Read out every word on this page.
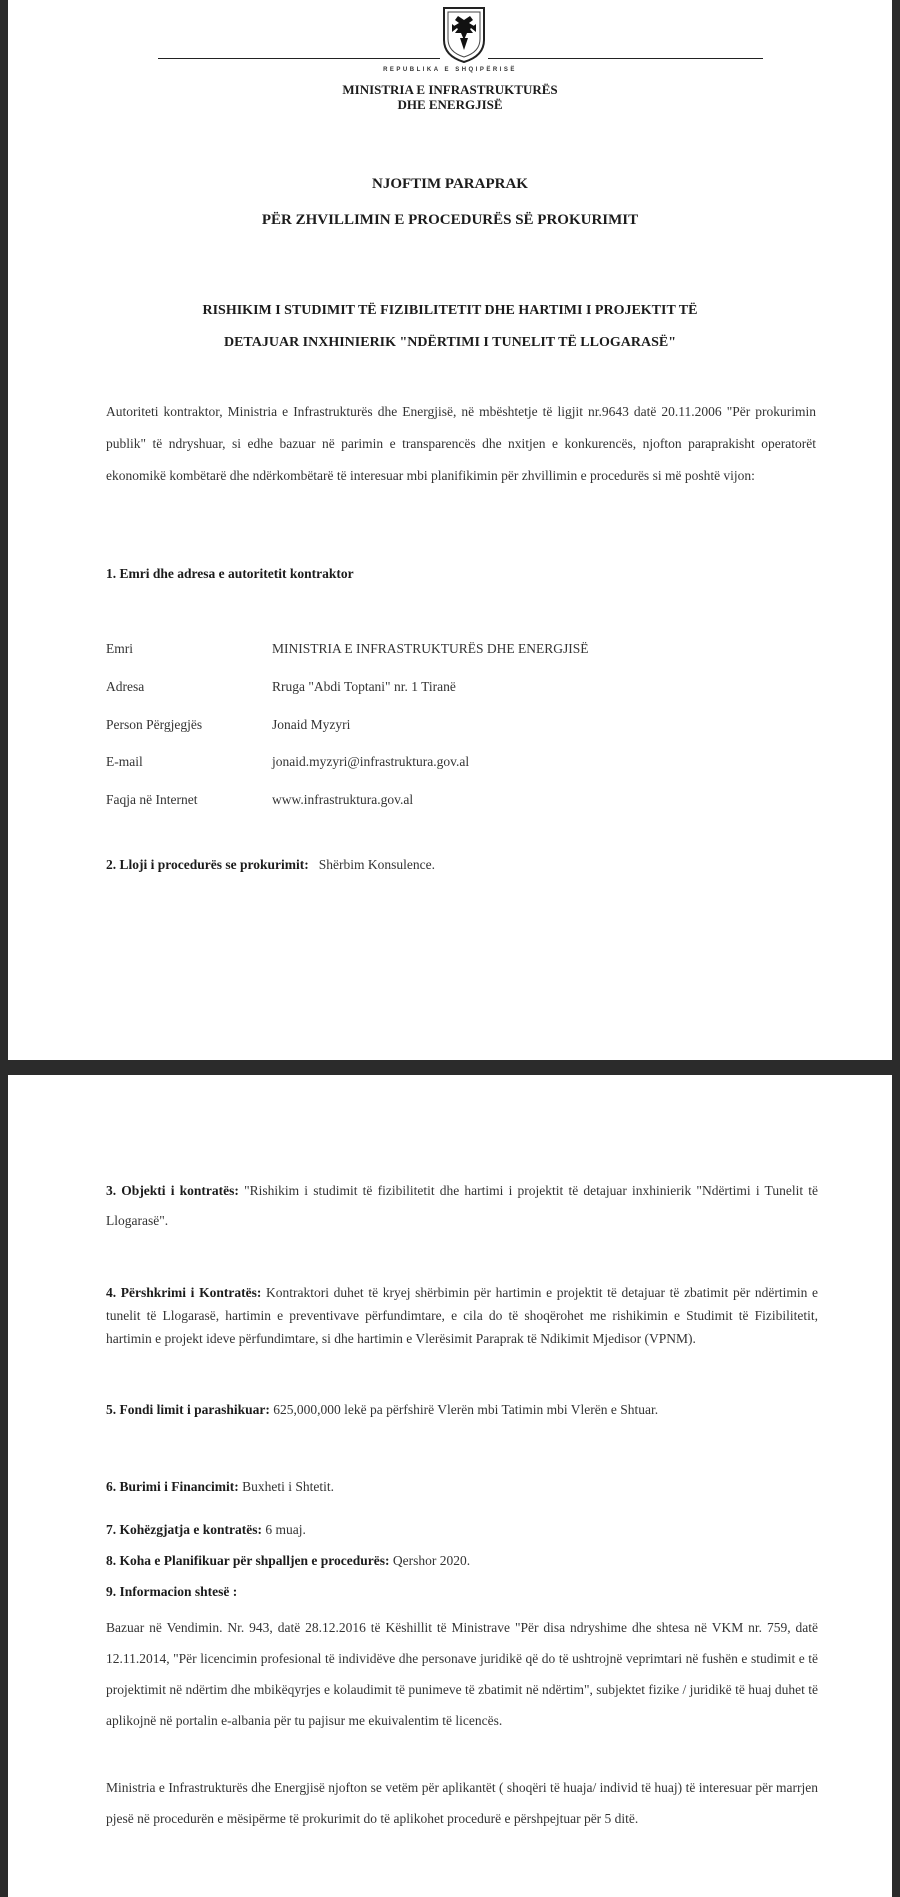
REPUBLIKA E SHQIPËRISË
MINISTRIA E INFRASTRUKTURËS
DHE ENERGJISË
NJOFTIM PARAPRAK
PËR ZHVILLIMIN E PROCEDURËS SË PROKURIMIT
RISHIKIM I STUDIMIT TË FIZIBILITETIT DHE HARTIMI I PROJEKTIT TË
DETAJUAR INXHINIERIK "NDËRTIMI I TUNELIT TË LLOGARASË"
Autoriteti kontraktor, Ministria e Infrastrukturës dhe Energjisë, në mbështetje të ligjit nr.9643 datë 20.11.2006 "Për prokurimin publik" të ndryshuar, si edhe bazuar në parimin e transparencës dhe nxitjen e konkurencës, njofton paraprakisht operatorët ekonomikë kombëtarë dhe ndërkombëtarë të interesuar mbi planifikimin për zhvillimin e procedurës si më poshtë vijon:
1. Emri dhe adresa e autoritetit kontraktor
Emri	MINISTRIA E INFRASTRUKTURËS DHE ENERGJISË
Adresa	Rruga "Abdi Toptani" nr. 1 Tiranë
Person Përgjegjës	Jonaid Myzyri
E-mail	jonaid.myzyri@infrastruktura.gov.al
Faqja në Internet	www.infrastruktura.gov.al
2. Lloji i procedurës se prokurimit: Shërbim Konsulence.
3. Objekti i kontratës: "Rishikim i studimit të fizibilitetit dhe hartimi i projektit të detajuar inxhinierik "Ndërtimi i Tunelit të Llogarasë".
4. Përshkrimi i Kontratës: Kontraktori duhet të kryej shërbimin për hartimin e projektit të detajuar të zbatimit për ndërtimin e tunelit të Llogarasë, hartimin e preventivave përfundimtare, e cila do të shoqërohet me rishikimin e Studimit të Fizibilitetit, hartimin e projekt ideve përfundimtare, si dhe hartimin e Vlerësimit Paraprak të Ndikimit Mjedisor (VPNM).
5. Fondi limit i parashikuar: 625,000,000 lekë pa përfshirë Vlerën mbi Tatimin mbi Vlerën e Shtuar.
6. Burimi i Financimit: Buxheti i Shtetit.
7. Kohëzgjatja e kontratës: 6 muaj.
8. Koha e Planifikuar për shpalljen e procedurës: Qershor 2020.
9. Informacion shtesë :
Bazuar në Vendimin. Nr. 943, datë 28.12.2016 të Këshillit të Ministrave "Për disa ndryshime dhe shtesa në VKM nr. 759, datë 12.11.2014, "Për licencimin profesional të individëve dhe personave juridikë që do të ushtrojnë veprimtari në fushën e studimit e të projektimit në ndërtim dhe mbikëqyrjes e kolaudimit të punimeve të zbatimit në ndërtim", subjektet fizike / juridikë të huaj duhet të aplikojnë në portalin e-albania për tu pajisur me ekuivalentim të licencës.
Ministria e Infrastrukturës dhe Energjisë njofton se vetëm për aplikantët ( shoqëri të huaja/ individ të huaj) të interesuar për marrjen pjesë në procedurën e mësipërme të prokurimit do të aplikohet procedurë e përshpejtuar për 5 ditë.
